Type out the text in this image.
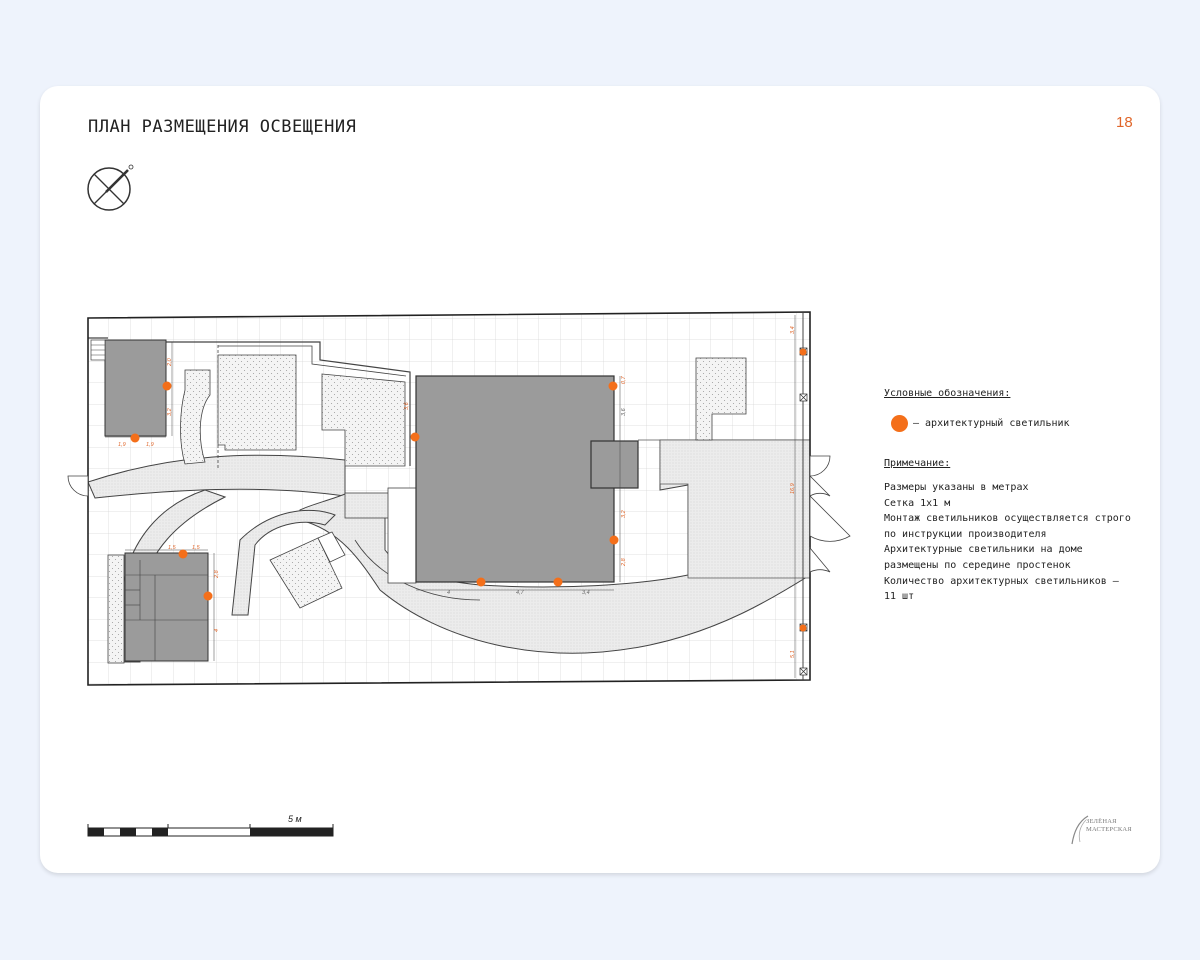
ПЛАН РАЗМЕЩЕНИЯ ОСВЕЩЕНИЯ	18
1,9	1,9
4	4,7	3,4
1,5	1,5
2,0
3,2
0,7
3,6
3,2
2,8
2,8
4
3,6
3,4
16,9
5,1
Условные обозначения:
– архитектурный светильник
Примечание:
Размеры указаны в метрах
Сетка 1х1 м
Монтаж светильников осуществляется строго
по инструкции производителя
Архитектурные светильники на доме
размещены по середине простенок
Количество архитектурных светильников –
11 шт
5 м	ЗЕЛЁНАЯ
МАСТЕРСКАЯ
